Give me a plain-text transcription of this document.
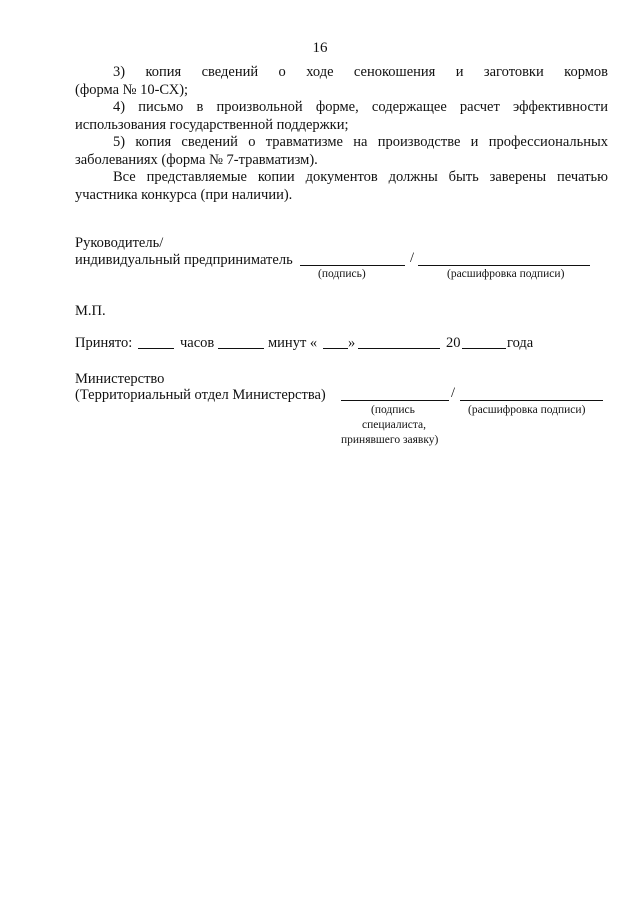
16

3) копия сведений о ходе сенокошения и заготовки кормов

(форма № 10-СХ);

4) письмо в произвольной форме, содержащее расчет эффективности использования государственной поддержки;

5) копия сведений о травматизме на производстве и профессиональных заболеваниях (форма № 7-травматизм).

Все представляемые копии документов должны быть заверены печатью участника конкурса (при наличии).

Руководитель/
индивидуальный предприниматель	/
(подпись)	(расшифровка подписи)
М.П.
Принято:	часов	минут « »	20	года
Министерство
(Территориальный отдел Министерства)	/
(подпись
специалиста,
принявшего заявку)
(расшифровка подписи)
